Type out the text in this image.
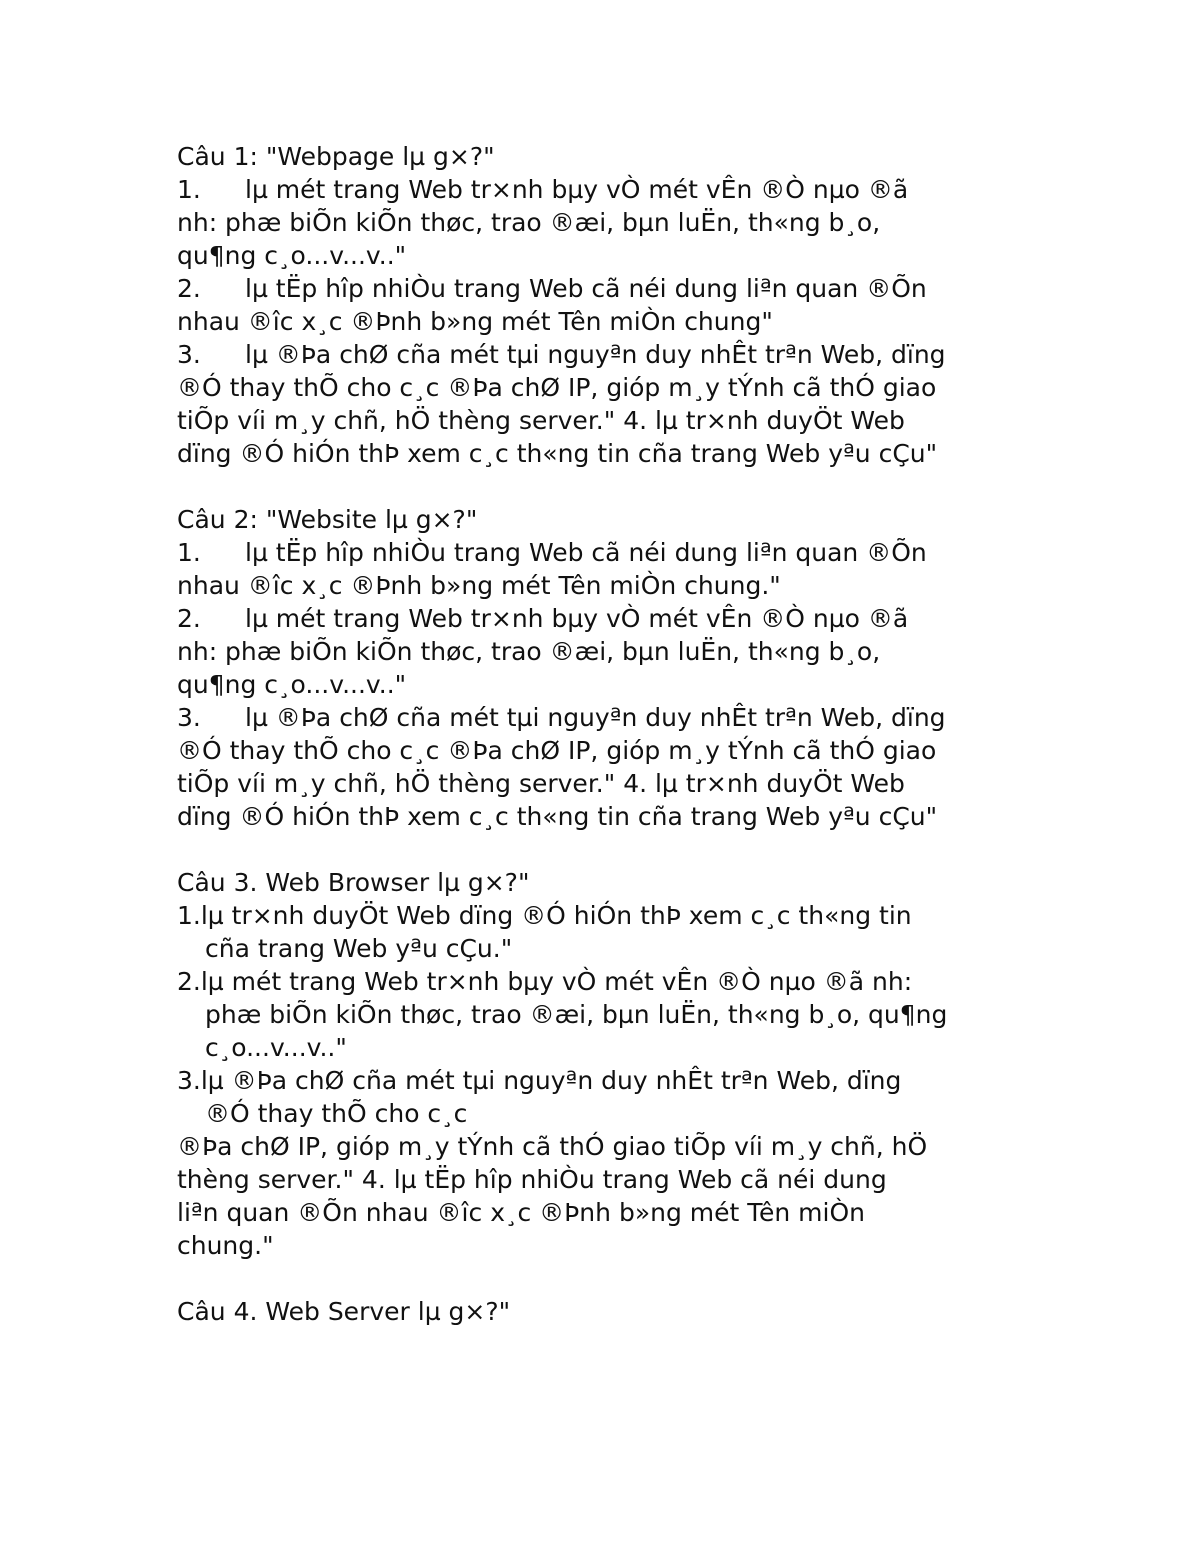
Câu 1: "Webpage lµ g×?"
1. lµ mét trang Web tr×nh bµy vÒ mét vÊn ®Ò nµo ®ã
nh: phæ biÕn kiÕn thøc, trao ®æi, bµn luËn, th«ng b¸o,
qu¶ng c¸o...v...v.."
2. lµ tËp hîp nhiÒu trang Web cã néi dung liªn quan ®Õn
nhau ®îc x¸c ®Þnh b»ng mét Tên miÒn chung"
3. lµ ®Þa chØ cña mét tµi nguyªn duy nhÊt trªn Web, dïng
®Ó thay thÕ cho c¸c ®Þa chØ IP, gióp m¸y tÝnh cã thÓ giao
tiÕp víi m¸y chñ, hÖ thèng server." 4. lµ tr×nh duyÖt Web
dïng ®Ó hiÓn thÞ xem c¸c th«ng tin cña trang Web yªu cÇu"
Câu 2: "Website lµ g×?"
1. lµ tËp hîp nhiÒu trang Web cã néi dung liªn quan ®Õn
nhau ®îc x¸c ®Þnh b»ng mét Tên miÒn chung."
2. lµ mét trang Web tr×nh bµy vÒ mét vÊn ®Ò nµo ®ã
nh: phæ biÕn kiÕn thøc, trao ®æi, bµn luËn, th«ng b¸o,
qu¶ng c¸o...v...v.."
3. lµ ®Þa chØ cña mét tµi nguyªn duy nhÊt trªn Web, dïng
®Ó thay thÕ cho c¸c ®Þa chØ IP, gióp m¸y tÝnh cã thÓ giao
tiÕp víi m¸y chñ, hÖ thèng server." 4. lµ tr×nh duyÖt Web
dïng ®Ó hiÓn thÞ xem c¸c th«ng tin cña trang Web yªu cÇu"
Câu 3. Web Browser lµ g×?"
1.lµ tr×nh duyÖt Web dïng ®Ó hiÓn thÞ xem c¸c th«ng tin
cña trang Web yªu cÇu."
2.lµ mét trang Web tr×nh bµy vÒ mét vÊn ®Ò nµo ®ã nh:
phæ biÕn kiÕn thøc, trao ®æi, bµn luËn, th«ng b¸o, qu¶ng
c¸o...v...v.."
3.lµ ®Þa chØ cña mét tµi nguyªn duy nhÊt trªn Web, dïng
®Ó thay thÕ cho c¸c
®Þa chØ IP, gióp m¸y tÝnh cã thÓ giao tiÕp víi m¸y chñ, hÖ
thèng server." 4. lµ tËp hîp nhiÒu trang Web cã néi dung
liªn quan ®Õn nhau ®îc x¸c ®Þnh b»ng mét Tên miÒn
chung."
Câu 4. Web Server lµ g×?"
